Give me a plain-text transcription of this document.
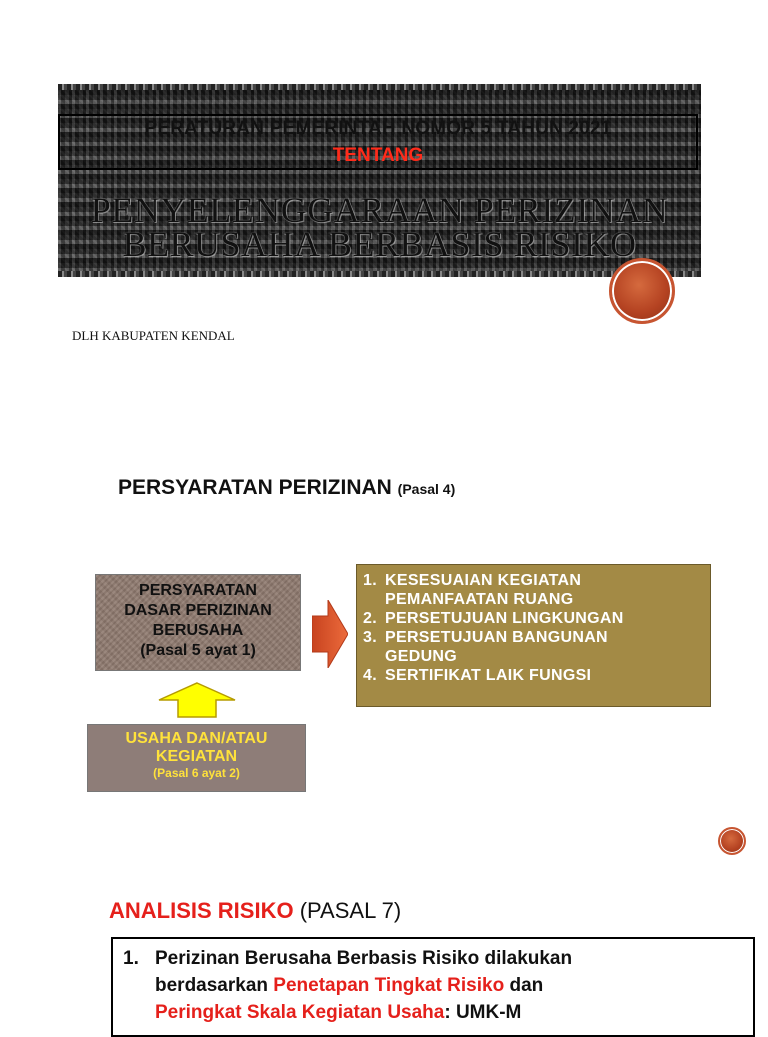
PERATURAN PEMERINTAH NOMOR 5 TAHUN 2021
TENTANG
PENYELENGGARAAN PERIZINAN
BERUSAHA BERBASIS RISIKO
DLH KABUPATEN KENDAL
PERSYARATAN PERIZINAN (Pasal 4)
PERSYARATAN
DASAR PERIZINAN
BERUSAHA
(Pasal 5 ayat 1)
1. KESESUAIAN KEGIATAN
PEMANFAATAN RUANG
2. PERSETUJUAN LINGKUNGAN
3. PERSETUJUAN BANGUNAN
GEDUNG
4. SERTIFIKAT LAIK FUNGSI
USAHA DAN/ATAU
KEGIATAN
(Pasal 6 ayat 2)
ANALISIS RISIKO (PASAL 7)
1. Perizinan Berusaha Berbasis Risiko dilakukan
berdasarkan Penetapan Tingkat Risiko dan
Peringkat Skala Kegiatan Usaha: UMK-M
